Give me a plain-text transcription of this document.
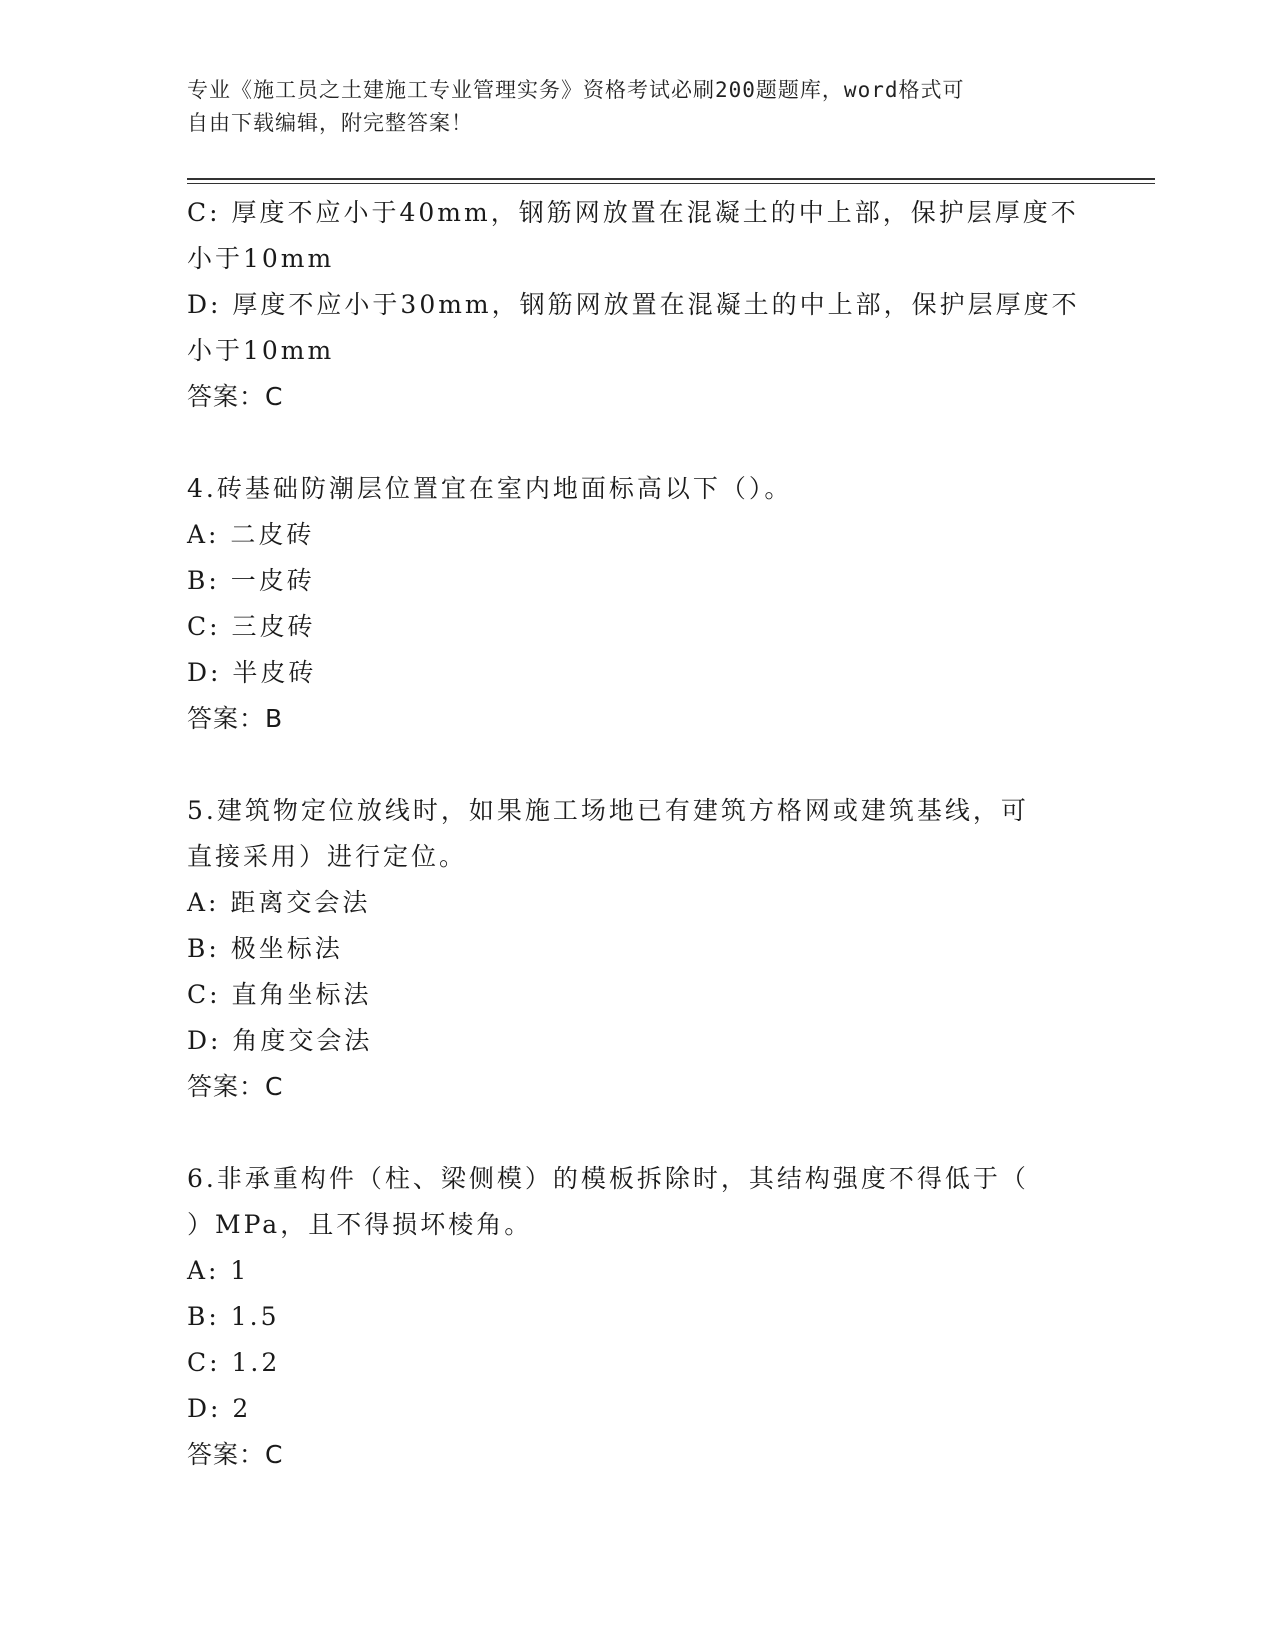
专业《施工员之土建施工专业管理实务》资格考试必刷200题题库，word格式可
自由下载编辑，附完整答案！
C: 厚度不应小于40mm，钢筋网放置在混凝土的中上部，保护层厚度不
小于10mm
D: 厚度不应小于30mm，钢筋网放置在混凝土的中上部，保护层厚度不
小于10mm
答案：C
4.砖基础防潮层位置宜在室内地面标高以下（）。
A: 二皮砖
B: 一皮砖
C: 三皮砖
D: 半皮砖
答案：B
5.建筑物定位放线时，如果施工场地已有建筑方格网或建筑基线，可
直接采用）进行定位。
A: 距离交会法
B: 极坐标法
C: 直角坐标法
D: 角度交会法
答案：C
6.非承重构件（柱、梁侧模）的模板拆除时，其结构强度不得低于（
）MPa，且不得损坏棱角。
A: 1
B: 1.5
C: 1.2
D: 2
答案：C
